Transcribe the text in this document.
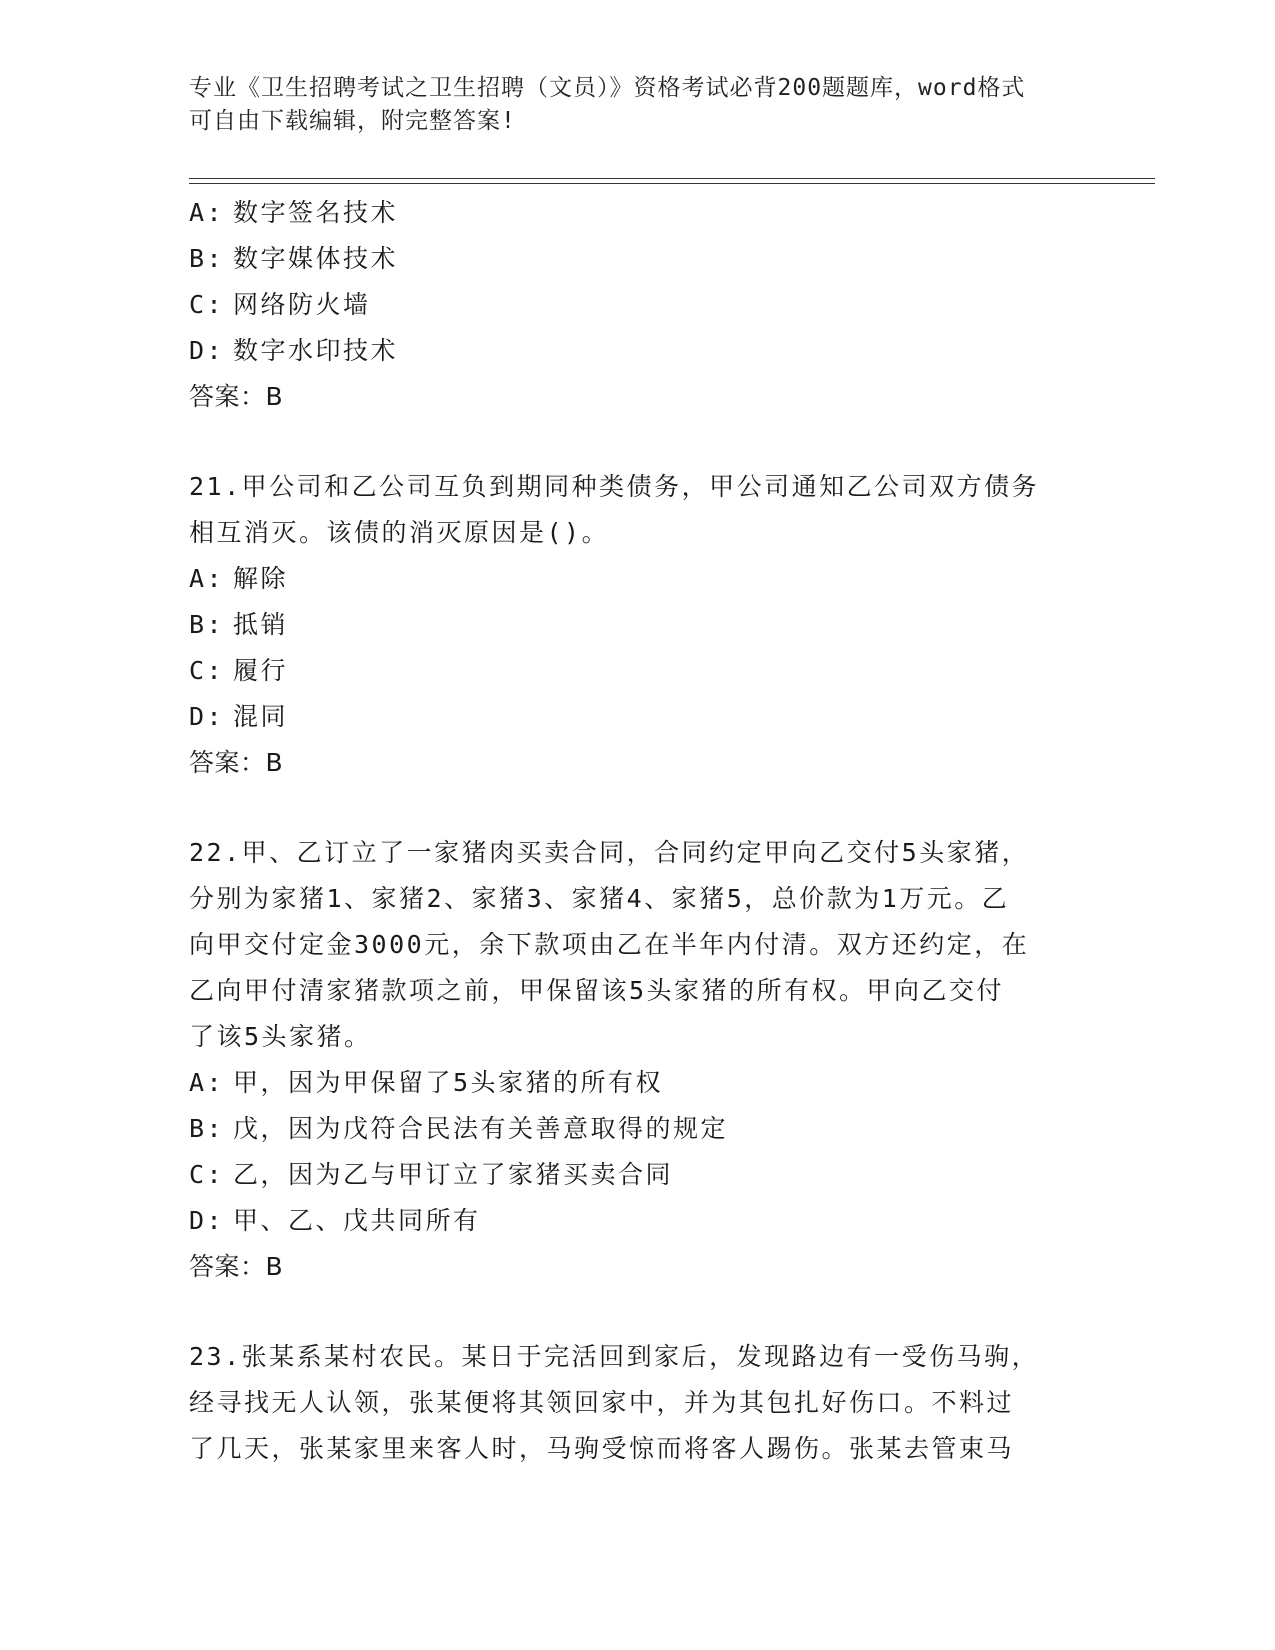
专业《卫生招聘考试之卫生招聘（文员）》资格考试必背200题题库，word格式
可自由下载编辑，附完整答案!
A: 数字签名技术
B: 数字媒体技术
C: 网络防火墙
D: 数字水印技术
答案：B
21.甲公司和乙公司互负到期同种类债务，甲公司通知乙公司双方债务
相互消灭。该债的消灭原因是()。
A: 解除
B: 抵销
C: 履行
D: 混同
答案：B
22.甲、乙订立了一家猪肉买卖合同，合同约定甲向乙交付5头家猪，
分别为家猪1、家猪2、家猪3、家猪4、家猪5，总价款为1万元。乙
向甲交付定金3000元，余下款项由乙在半年内付清。双方还约定，在
乙向甲付清家猪款项之前，甲保留该5头家猪的所有权。甲向乙交付
了该5头家猪。
A: 甲，因为甲保留了5头家猪的所有权
B: 戊，因为戊符合民法有关善意取得的规定
C: 乙，因为乙与甲订立了家猪买卖合同
D: 甲、乙、戊共同所有
答案：B
23.张某系某村农民。某日于完活回到家后，发现路边有一受伤马驹，
经寻找无人认领，张某便将其领回家中，并为其包扎好伤口。不料过
了几天，张某家里来客人时，马驹受惊而将客人踢伤。张某去管束马
